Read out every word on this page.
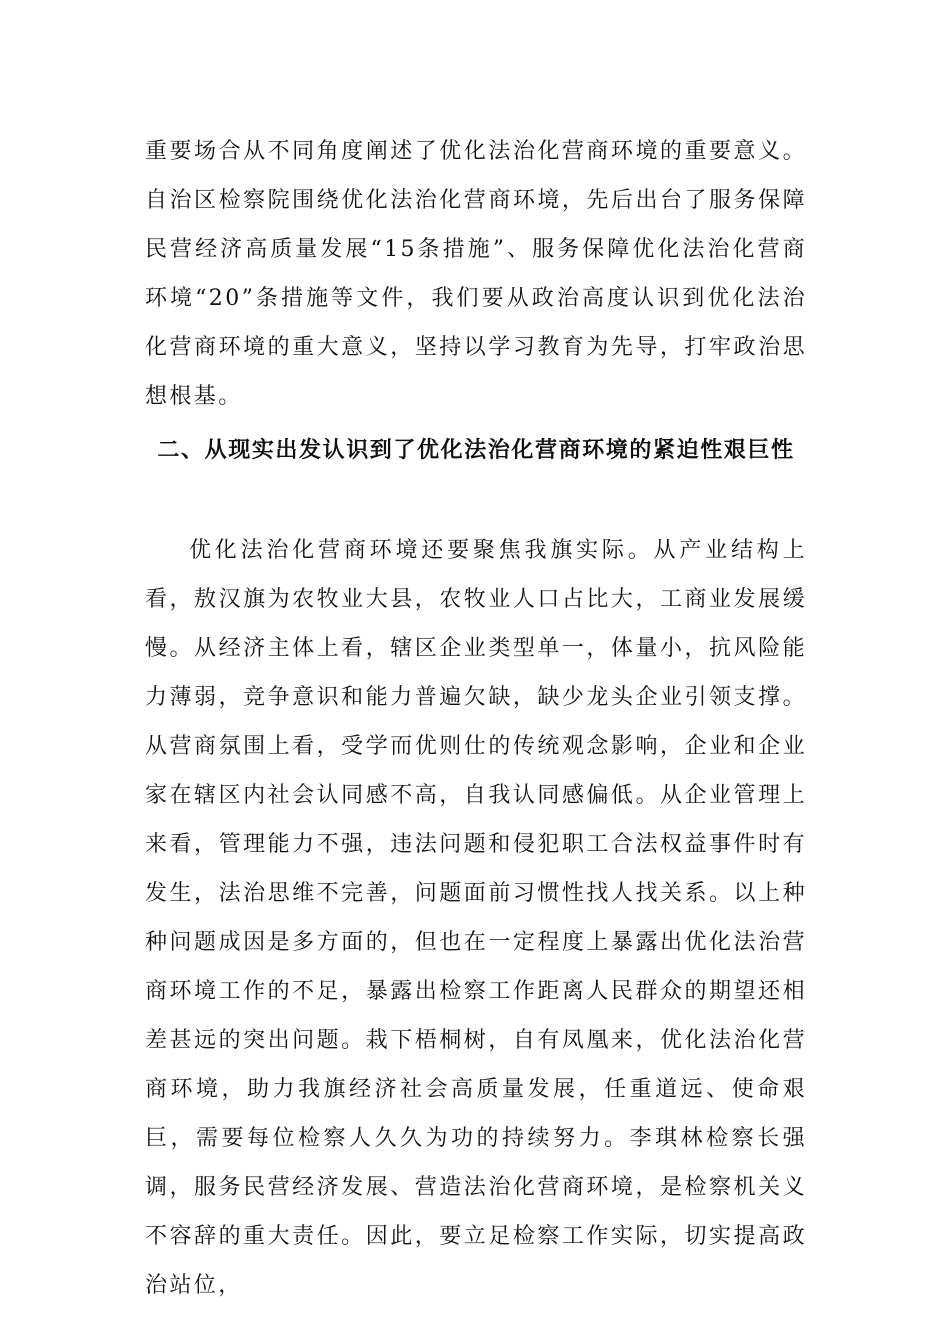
重要场合从不同角度阐述了优化法治化营商环境的重要意义。自治区检察院围绕优化法治化营商环境，先后出台了服务保障民营经济高质量发展“15条措施”、服务保障优化法治化营商环境“20”条措施等文件，我们要从政治高度认识到优化法治化营商环境的重大意义，坚持以学习教育为先导，打牢政治思想根基。

二、从现实出发认识到了优化法治化营商环境的紧迫性艰巨性

优化法治化营商环境还要聚焦我旗实际。从产业结构上看，敖汉旗为农牧业大县，农牧业人口占比大，工商业发展缓慢。从经济主体上看，辖区企业类型单一，体量小，抗风险能力薄弱，竞争意识和能力普遍欠缺，缺少龙头企业引领支撑。从营商氛围上看，受学而优则仕的传统观念影响，企业和企业家在辖区内社会认同感不高，自我认同感偏低。从企业管理上来看，管理能力不强，违法问题和侵犯职工合法权益事件时有发生，法治思维不完善，问题面前习惯性找人找关系。以上种种问题成因是多方面的，但也在一定程度上暴露出优化法治营商环境工作的不足，暴露出检察工作距离人民群众的期望还相差甚远的突出问题。栽下梧桐树，自有凤凰来，优化法治化营商环境，助力我旗经济社会高质量发展，任重道远、使命艰巨，需要每位检察人久久为功的持续努力。李琪林检察长强调，服务民营经济发展、营造法治化营商环境，是检察机关义不容辞的重大责任。因此，要立足检察工作实际，切实提高政治站位，
